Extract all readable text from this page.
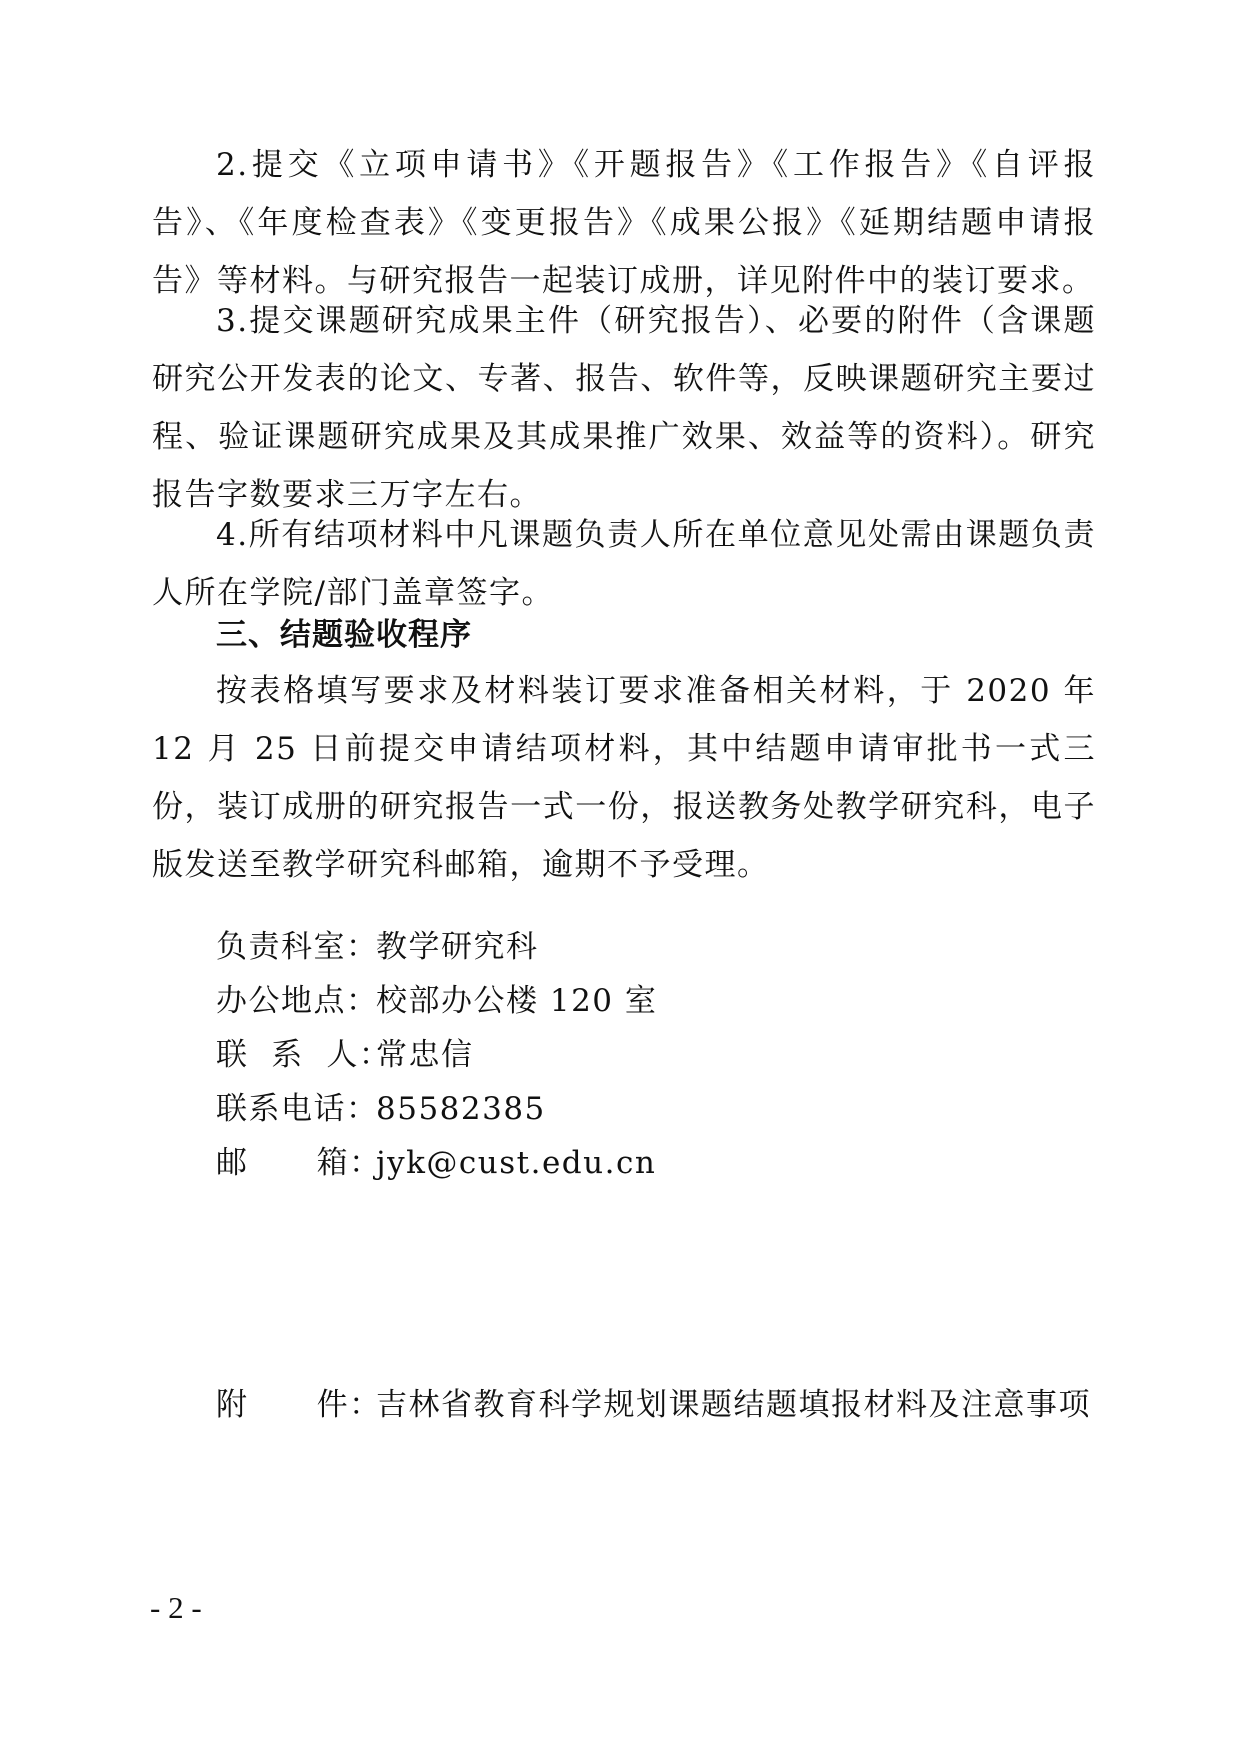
2.提交《立项申请书》《开题报告》《工作报告》《自评报告》、《年度检查表》《变更报告》《成果公报》《延期结题申请报告》等材料。与研究报告一起装订成册，详见附件中的装订要求。

3.提交课题研究成果主件（研究报告）、必要的附件（含课题研究公开发表的论文、专著、报告、软件等，反映课题研究主要过程、验证课题研究成果及其成果推广效果、效益等的资料）。研究报告字数要求三万字左右。

4.所有结项材料中凡课题负责人所在单位意见处需由课题负责人所在学院/部门盖章签字。

三、结题验收程序

按表格填写要求及材料装订要求准备相关材料，于 2020 年 12 月 25 日前提交申请结项材料，其中结题申请审批书一式三份，装订成册的研究报告一式一份，报送教务处教学研究科，电子版发送至教学研究科邮箱，逾期不予受理。

负责科室：教学研究科
办公地点：校部办公楼 120 室
联  系  人：常忠信
联系电话：85582385
邮      箱：jyk@cust.edu.cn
附      件：吉林省教育科学规划课题结题填报材料及注意事项
- 2 -
